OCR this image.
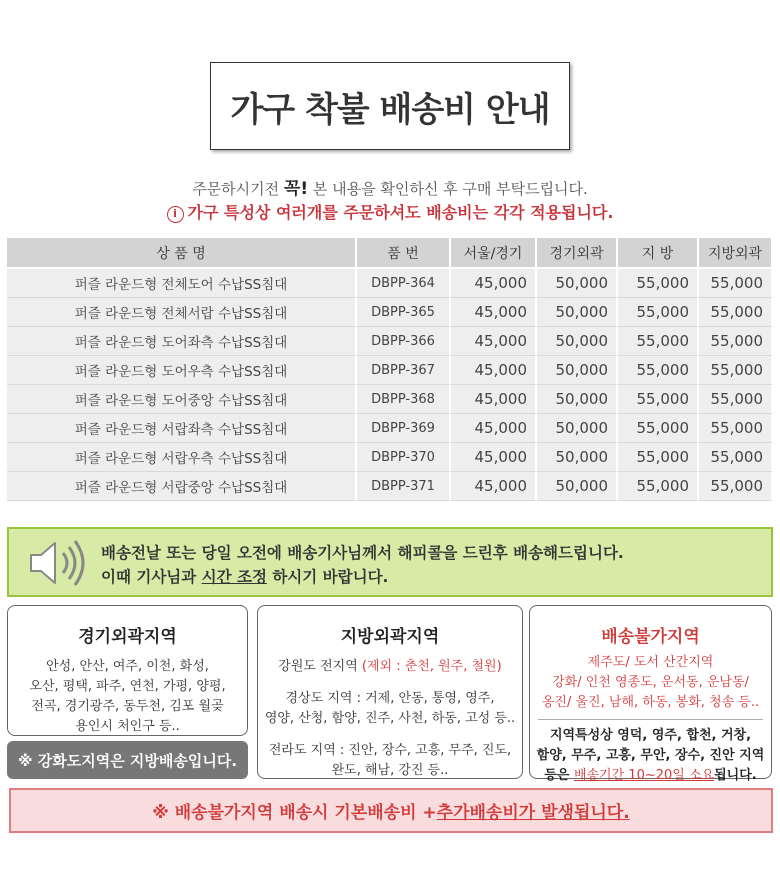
가구 착불 배송비 안내
주문하시기전 꼭! 본 내용을 확인하신 후 구매 부탁드립니다.
i 가구 특성상 여러개를 주문하셔도 배송비는 각각 적용됩니다.
상 품 명	품 번	서울/경기	경기외곽	지 방	지방외곽
퍼즐 라운드형 전체도어 수납SS침대	DBPP-364	45,000	50,000	55,000	55,000
퍼즐 라운드형 전체서랍 수납SS침대	DBPP-365	45,000	50,000	55,000	55,000
퍼즐 라운드형 도어좌측 수납SS침대	DBPP-366	45,000	50,000	55,000	55,000
퍼즐 라운드형 도어우측 수납SS침대	DBPP-367	45,000	50,000	55,000	55,000
퍼즐 라운드형 도어중앙 수납SS침대	DBPP-368	45,000	50,000	55,000	55,000
퍼즐 라운드형 서랍좌측 수납SS침대	DBPP-369	45,000	50,000	55,000	55,000
퍼즐 라운드형 서랍우측 수납SS침대	DBPP-370	45,000	50,000	55,000	55,000
퍼즐 라운드형 서랍중앙 수납SS침대	DBPP-371	45,000	50,000	55,000	55,000
배송전날 또는 당일 오전에 배송기사님께서 해피콜을 드린후 배송해드립니다.
이때 기사님과 시간 조정 하시기 바랍니다.
경기외곽지역

안성, 안산, 여주, 이천, 화성,

오산, 평택, 파주, 연천, 가평, 양평,

전곡, 경기광주, 동두천, 김포 월곶

용인시 처인구 등..

※ 강화도지역은 지방배송입니다.
지방외곽지역

강원도 전지역 (제외 : 춘천, 원주, 철원)

경상도 지역 : 거제, 안동, 통영, 영주,

영양, 산청, 함양, 진주, 사천, 하동, 고성 등..

전라도 지역 : 진안, 장수, 고흥, 무주, 진도,

완도, 해남, 강진 등..

배송불가지역

제주도/ 도서 산간지역

강화/ 인천 영종도, 운서동, 운남동/

옹진/ 울진, 남해, 하동, 봉화, 청송 등..

지역특성상 영덕, 영주, 합천, 거창,

함양, 무주, 고흥, 무안, 장수, 진안 지역

등은 배송기간 10~20일 소요됩니다.

※ 배송불가지역 배송시 기본배송비 + 추가배송비가 발생됩니다.
